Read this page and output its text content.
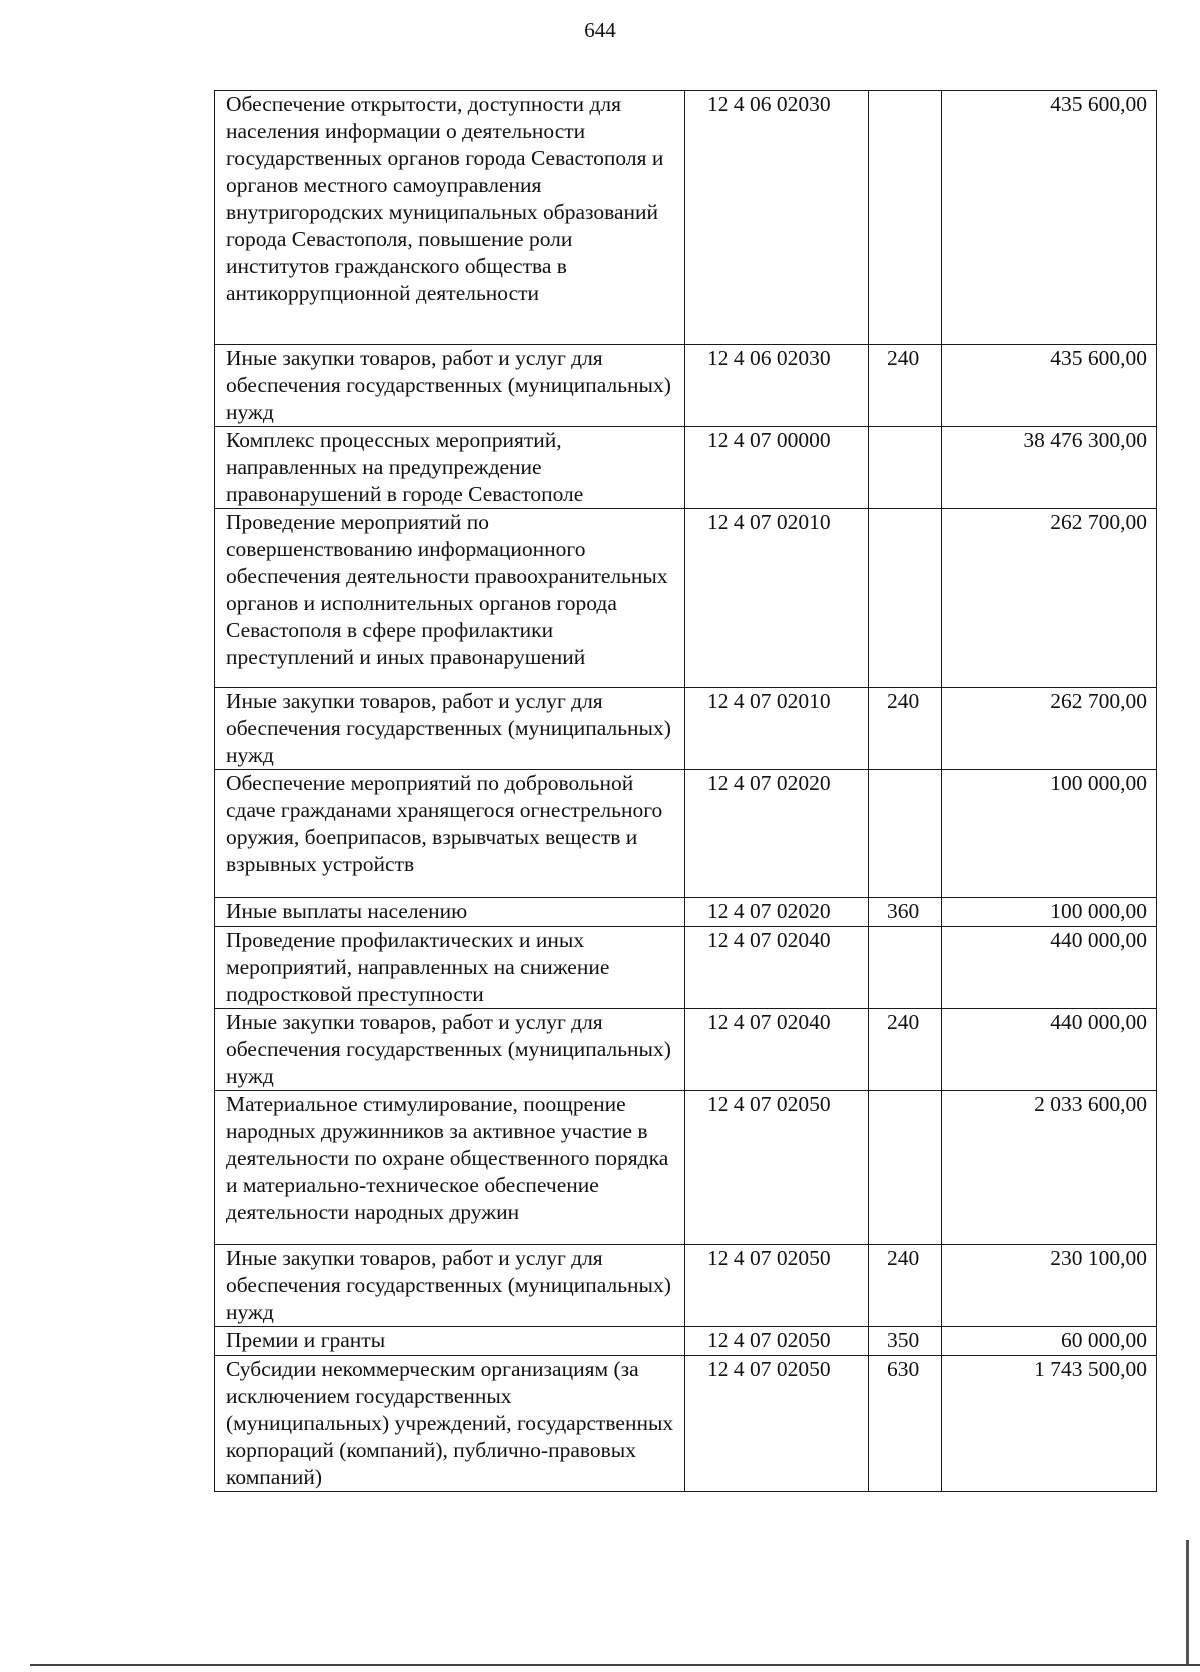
644
Обеспечение открытости, доступности для населения информации о деятельности государственных органов города Севастополя и органов местного самоуправления внутригородских муниципальных образований города Севастополя, повышение роли институтов гражданского общества в антикоррупционной деятельности	12 4 06 02030		435 600,00
Иные закупки товаров, работ и услуг для обеспечения государственных (муниципальных) нужд	12 4 06 02030	240	435 600,00
Комплекс процессных мероприятий, направленных на предупреждение правонарушений в городе Севастополе	12 4 07 00000		38 476 300,00
Проведение мероприятий по совершенствованию информационного обеспечения деятельности правоохранительных органов и исполнительных органов города Севастополя в сфере профилактики преступлений и иных правонарушений	12 4 07 02010		262 700,00
Иные закупки товаров, работ и услуг для обеспечения государственных (муниципальных) нужд	12 4 07 02010	240	262 700,00
Обеспечение мероприятий по добровольной сдаче гражданами хранящегося огнестрельного оружия, боеприпасов, взрывчатых веществ и взрывных устройств	12 4 07 02020		100 000,00
Иные выплаты населению	12 4 07 02020	360	100 000,00
Проведение профилактических и иных мероприятий, направленных на снижение подростковой преступности	12 4 07 02040		440 000,00
Иные закупки товаров, работ и услуг для обеспечения государственных (муниципальных) нужд	12 4 07 02040	240	440 000,00
Материальное стимулирование, поощрение народных дружинников за активное участие в деятельности по охране общественного порядка и материально-техническое обеспечение деятельности народных дружин	12 4 07 02050		2 033 600,00
Иные закупки товаров, работ и услуг для обеспечения государственных (муниципальных) нужд	12 4 07 02050	240	230 100,00
Премии и гранты	12 4 07 02050	350	60 000,00
Субсидии некоммерческим организациям (за исключением государственных (муниципальных) учреждений, государственных корпораций (компаний), публично-правовых компаний)	12 4 07 02050	630	1 743 500,00
